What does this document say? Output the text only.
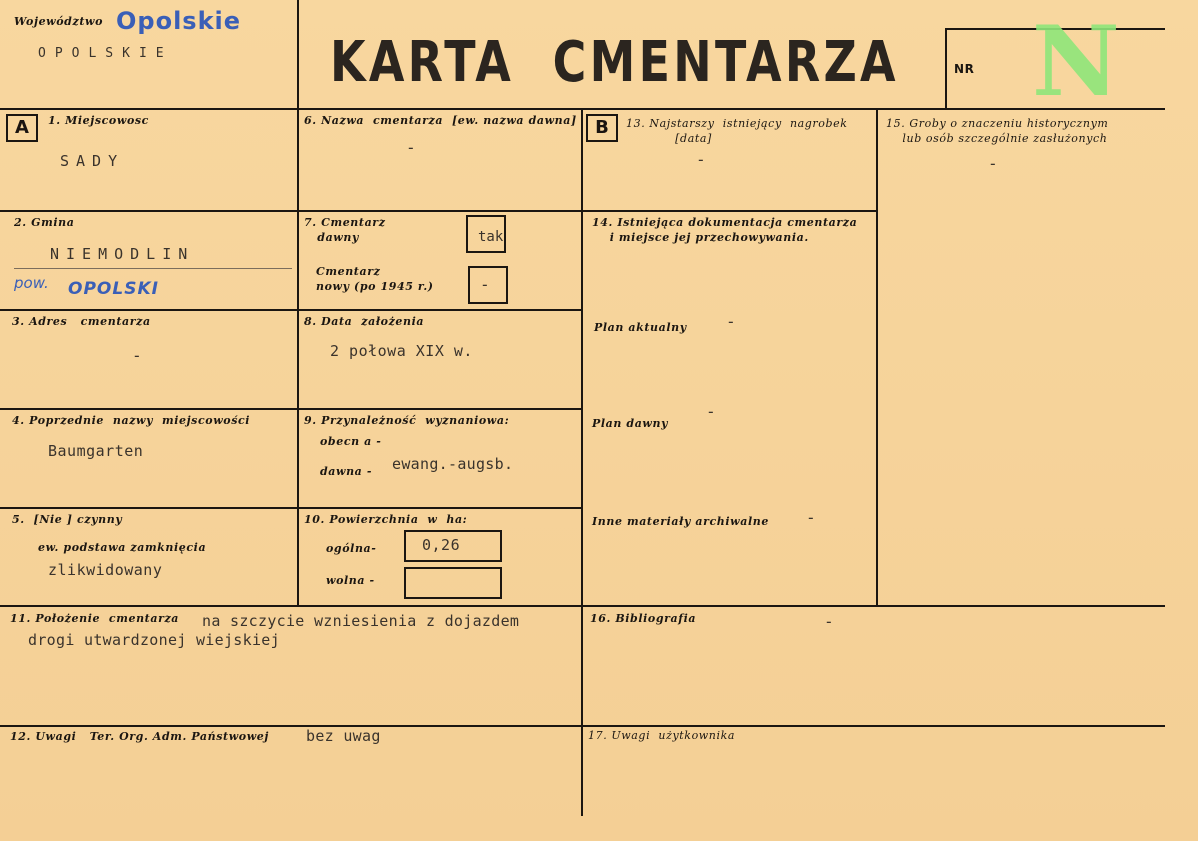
Województwo Opolskie
OPOLSKIE	KARTA  CMENTARZA	NR N
A	1. Miejscowosc
SADY
2. Gmina
NIEMODLIN
pow. OPOLSKI
3. Adres   cmentarza
-
4. Poprzednie  nazwy  miejscowości
Baumgarten
5.  [Nie ] czynny
ew. podstawa zamknięcia
zlikwidowany
6. Nazwa  cmentarza  [ew. nazwa dawna]
-
7. Cmentarz
dawny	tak
Cmentarz
nowy (po 1945 r.)	-
8. Data  założenia
2 połowa XIX w.
9. Przynależność  wyznaniowa:
obecn a -
dawna - ewang.-augsb.
10. Powierzchnia  w  ha:
ogólna-	0,26
wolna -
B	13. Najstarszy  istniejący  nagrobek
[data]
-
14. Istniejąca dokumentacja cmentarza
i miejsce jej przechowywania.
Plan aktualny -
Plan dawny
-
Inne materiały archiwalne -
15. Groby o znaczeniu historycznym
lub osób szczególnie zasłużonych
-
11. Położenie  cmentarza na szczycie wzniesienia z dojazdem
drogi utwardzonej wiejskiej
16. Bibliografia	-
12. Uwagi   Ter. Org. Adm. Państwowej bez uwag	17. Uwagi  użytkownika
